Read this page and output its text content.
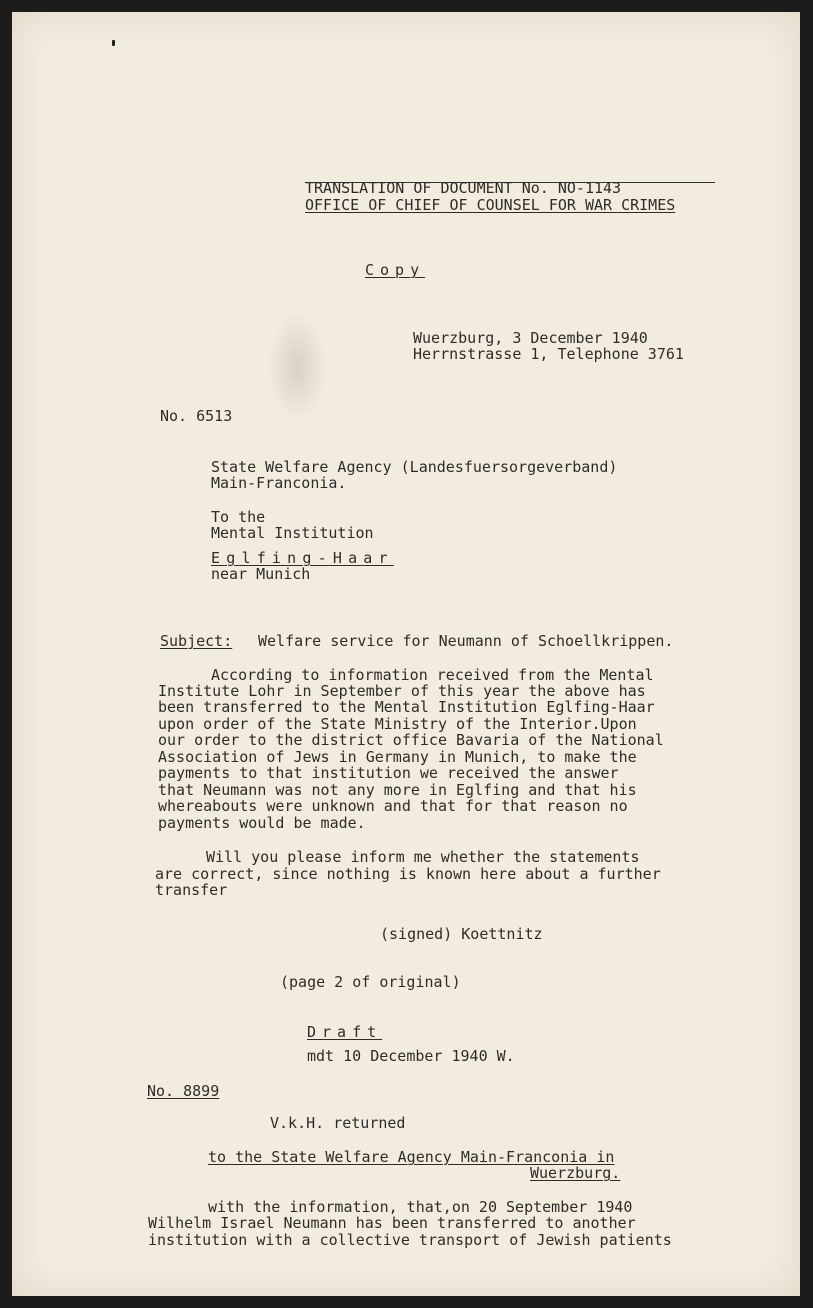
TRANSLATION OF DOCUMENT No. NO-1143

OFFICE OF CHIEF OF COUNSEL FOR WAR CRIMES

Copy

Wuerzburg, 3 December 1940

Herrnstrasse 1, Telephone 3761

No. 6513

State Welfare Agency (Landesfuersorgeverband)

Main-Franconia.

To the

Mental Institution

Eglfing-Haar

near Munich

Subject: Welfare service for Neumann of Schoellkrippen.

According to information received from the Mental

Institute Lohr in September of this year the above has

been transferred to the Mental Institution Eglfing-Haar

upon order of the State Ministry of the Interior.Upon

our order to the district office Bavaria of the National

Association of Jews in Germany in Munich, to make the

payments to that institution we received the answer

that Neumann was not any more in Eglfing and that his

whereabouts were unknown and that for that reason no

payments would be made.

Will you please inform me whether the statements

are correct, since nothing is known here about a further

transfer

(signed) Koettnitz

(page 2 of original)

Draft

mdt 10 December 1940 W.

No. 8899

V.k.H. returned

to the State Welfare Agency Main-Franconia in

Wuerzburg.

with the information, that,on 20 September 1940

Wilhelm Israel Neumann has been transferred to another

institution with a collective transport of Jewish patients
